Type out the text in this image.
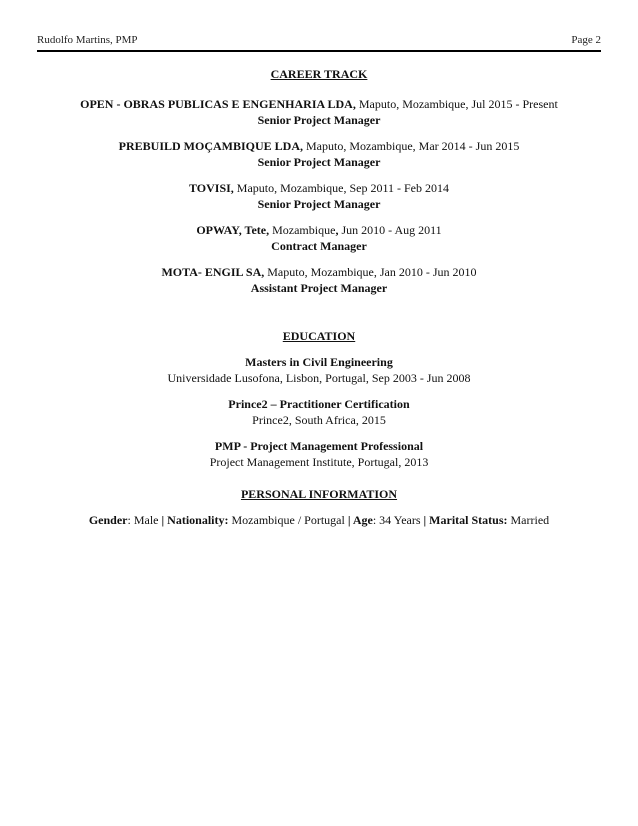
Rudolfo Martins, PMP	Page 2

CAREER TRACK

OPEN - OBRAS PUBLICAS E ENGENHARIA LDA, Maputo, Mozambique, Jul 2015 - Present
Senior Project Manager
PREBUILD MOÇAMBIQUE LDA, Maputo, Mozambique, Mar 2014 - Jun 2015
Senior Project Manager
TOVISI, Maputo, Mozambique, Sep 2011 - Feb 2014
Senior Project Manager
OPWAY, Tete, Mozambique, Jun 2010 - Aug 2011
Contract Manager
MOTA- ENGIL SA, Maputo, Mozambique, Jan 2010 - Jun 2010
Assistant Project Manager

EDUCATION

Masters in Civil Engineering
Universidade Lusofona, Lisbon, Portugal, Sep 2003 - Jun 2008
Prince2 – Practitioner Certification
Prince2, South Africa, 2015
PMP - Project Management Professional
Project Management Institute, Portugal, 2013

PERSONAL INFORMATION

Gender: Male | Nationality: Mozambique / Portugal | Age: 34 Years | Marital Status: Married
